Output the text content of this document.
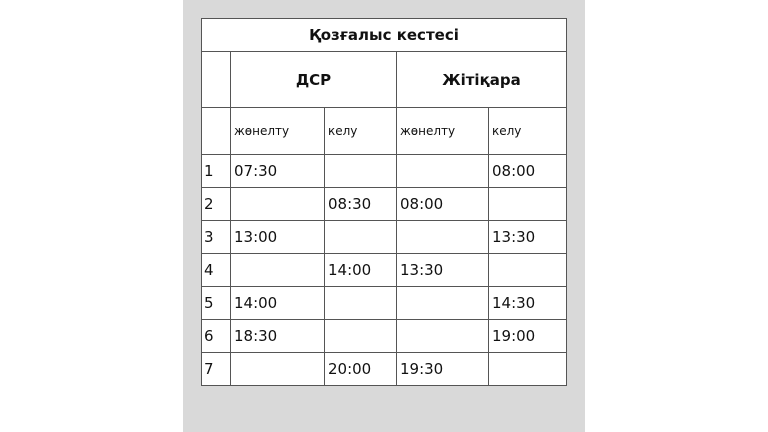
Қозғалыс кестесі				
	ДСР		Жітіқара	
	жөнелту	келу	жөнелту	келу
1	07:30			08:00
2		08:30	08:00	
3	13:00			13:30
4		14:00	13:30	
5	14:00			14:30
6	18:30			19:00
7		20:00	19:30	
